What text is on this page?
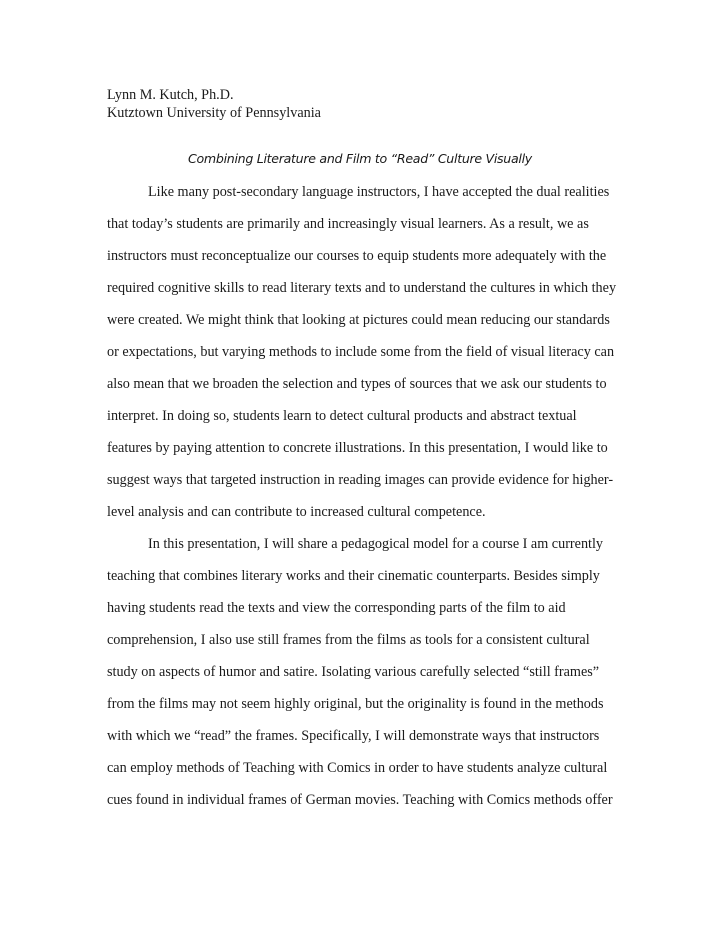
Lynn M. Kutch, Ph.D.
Kutztown University of Pennsylvania
Combining Literature and Film to “Read” Culture Visually
Like many post-secondary language instructors, I have accepted the dual realities
that today’s students are primarily and increasingly visual learners. As a result, we as
instructors must reconceptualize our courses to equip students more adequately with the
required cognitive skills to read literary texts and to understand the cultures in which they
were created. We might think that looking at pictures could mean reducing our standards
or expectations, but varying methods to include some from the field of visual literacy can
also mean that we broaden the selection and types of sources that we ask our students to
interpret. In doing so, students learn to detect cultural products and abstract textual
features by paying attention to concrete illustrations. In this presentation, I would like to
suggest ways that targeted instruction in reading images can provide evidence for higher-
level analysis and can contribute to increased cultural competence.
In this presentation, I will share a pedagogical model for a course I am currently
teaching that combines literary works and their cinematic counterparts. Besides simply
having students read the texts and view the corresponding parts of the film to aid
comprehension, I also use still frames from the films as tools for a consistent cultural
study on aspects of humor and satire. Isolating various carefully selected “still frames”
from the films may not seem highly original, but the originality is found in the methods
with which we “read” the frames. Specifically, I will demonstrate ways that instructors
can employ methods of Teaching with Comics in order to have students analyze cultural
cues found in individual frames of German movies. Teaching with Comics methods offer
